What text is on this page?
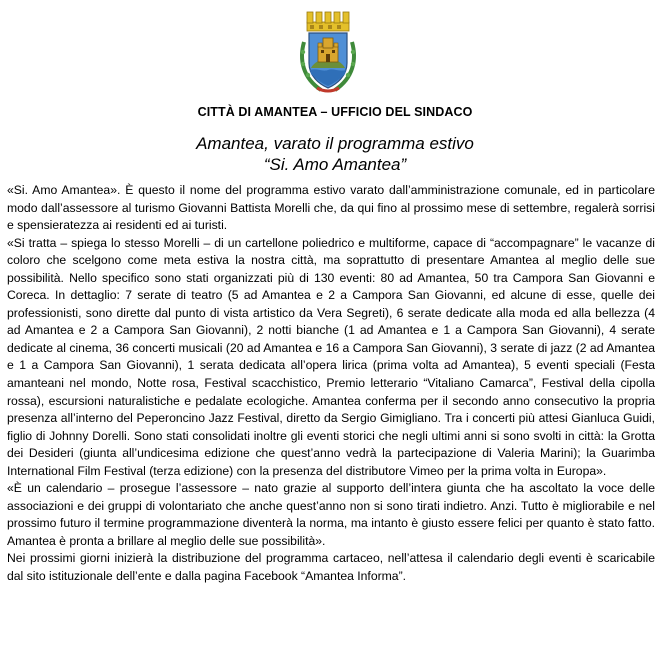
CITTÀ DI AMANTEA – UFFICIO DEL SINDACO
Amantea, varato il programma estivo
“Si. Amo Amantea”

«Si. Amo Amantea». È questo il nome del programma estivo varato dall’amministrazione comunale, ed in particolare modo dall’assessore al turismo Giovanni Battista Morelli che, da qui fino al prossimo mese di settembre, regalerà sorrisi e spensieratezza ai residenti ed ai turisti.

«Si tratta – spiega lo stesso Morelli – di un cartellone poliedrico e multiforme, capace di “accompagnare” le vacanze di coloro che scelgono come meta estiva la nostra città, ma soprattutto di presentare Amantea al meglio delle sue possibilità. Nello specifico sono stati organizzati più di 130 eventi: 80 ad Amantea, 50 tra Campora San Giovanni e Coreca. In dettaglio: 7 serate di teatro (5 ad Amantea e 2 a Campora San Giovanni, ed alcune di esse, quelle dei professionisti, sono dirette dal punto di vista artistico da Vera Segreti), 6 serate dedicate alla moda ed alla bellezza (4 ad Amantea e 2 a Campora San Giovanni), 2 notti bianche (1 ad Amantea e 1 a Campora San Giovanni), 4 serate dedicate al cinema, 36 concerti musicali (20 ad Amantea e 16 a Campora San Giovanni), 3 serate di jazz (2 ad Amantea e 1 a Campora San Giovanni), 1 serata dedicata all’opera lirica (prima volta ad Amantea), 5 eventi speciali (Festa amanteani nel mondo, Notte rosa, Festival scacchistico, Premio letterario “Vitaliano Camarca”, Festival della cipolla rossa), escursioni naturalistiche e pedalate ecologiche. Amantea conferma per il secondo anno consecutivo la propria presenza all’interno del Peperoncino Jazz Festival, diretto da Sergio Gimigliano. Tra i concerti più attesi Gianluca Guidi, figlio di Johnny Dorelli. Sono stati consolidati inoltre gli eventi storici che negli ultimi anni si sono svolti in città: la Grotta dei Desideri (giunta all’undicesima edizione che quest’anno vedrà la partecipazione di Valeria Marini); la Guarimba International Film Festival (terza edizione) con la presenza del distributore Vimeo per la prima volta in Europa».

«È un calendario – prosegue l’assessore – nato grazie al supporto dell’intera giunta che ha ascoltato la voce delle associazioni e dei gruppi di volontariato che anche quest’anno non si sono tirati indietro. Anzi. Tutto è migliorabile e nel prossimo futuro il termine programmazione diventerà la norma, ma intanto è giusto essere felici per quanto è stato fatto. Amantea è pronta a brillare al meglio delle sue possibilità».

Nei prossimi giorni inizierà la distribuzione del programma cartaceo, nell’attesa il calendario degli eventi è scaricabile dal sito istituzionale dell’ente e dalla pagina Facebook “Amantea Informa”.
